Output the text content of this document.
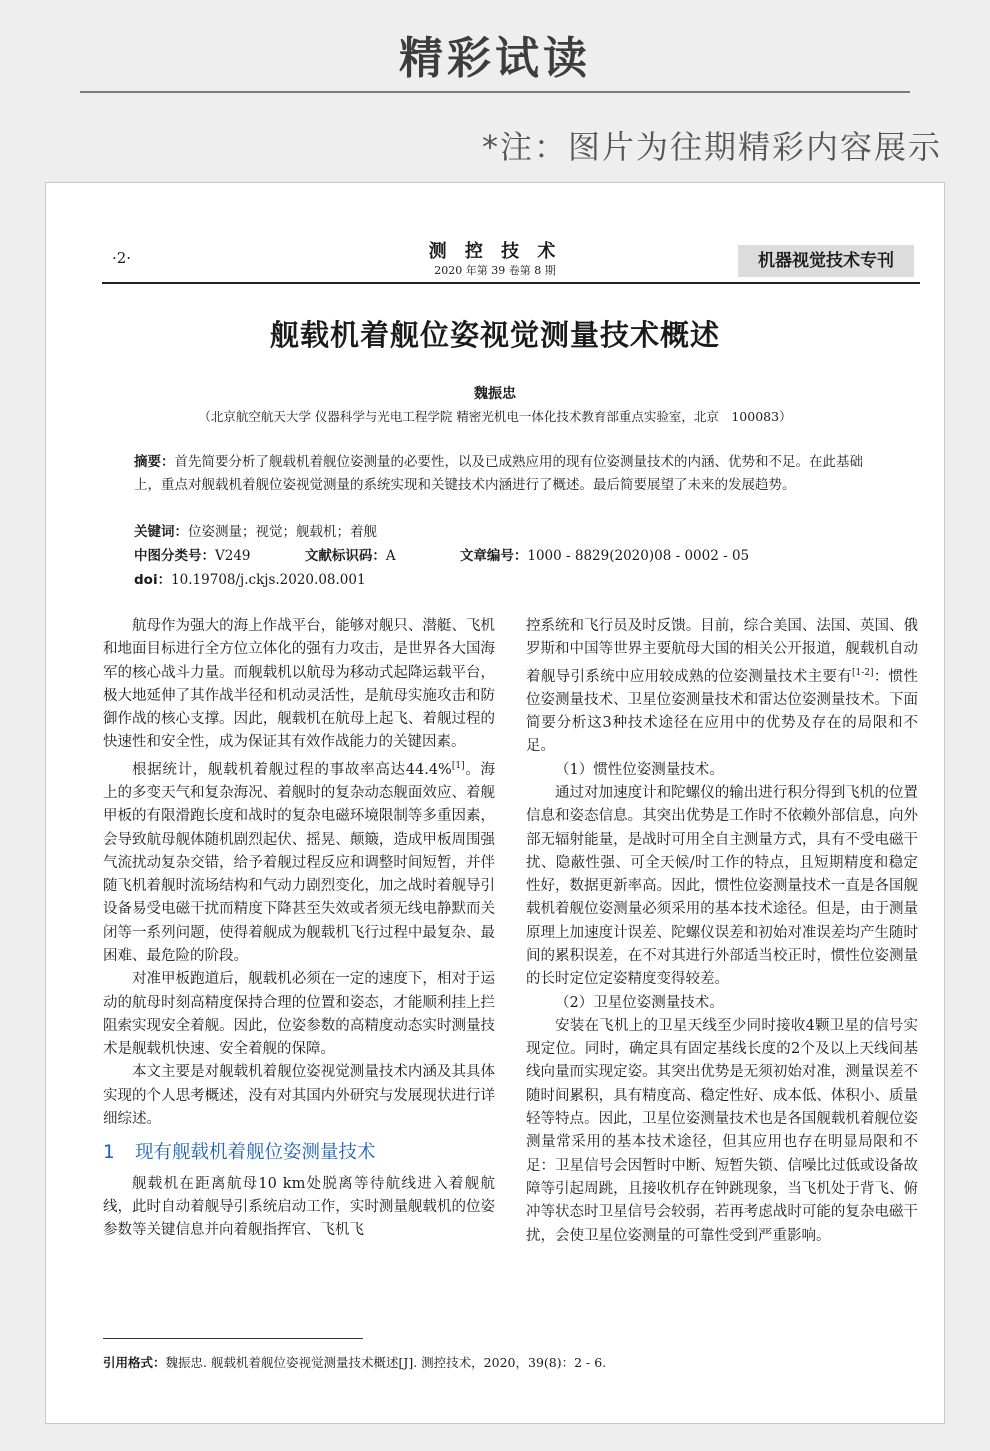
精彩试读
*注：图片为往期精彩内容展示
·2·	测 控 技 术
2020 年第 39 卷第 8 期	机器视觉技术专刊
舰载机着舰位姿视觉测量技术概述
魏振忠
（北京航空航天大学 仪器科学与光电工程学院 精密光机电一体化技术教育部重点实验室，北京　100083）
摘要：首先简要分析了舰载机着舰位姿测量的必要性，以及已成熟应用的现有位姿测量技术的内涵、优势和不足。在此基础上，重点对舰载机着舰位姿视觉测量的系统实现和关键技术内涵进行了概述。最后简要展望了未来的发展趋势。
关键词：位姿测量；视觉；舰载机；着舰
中图分类号：V249	文献标识码：A	文章编号：1000 - 8829(2020)08 - 0002 - 05
doi：10.19708/j.ckjs.2020.08.001

航母作为强大的海上作战平台，能够对舰只、潜艇、飞机和地面目标进行全方位立体化的强有力攻击，是世界各大国海军的核心战斗力量。而舰载机以航母为移动式起降运载平台，极大地延伸了其作战半径和机动灵活性，是航母实施攻击和防御作战的核心支撑。因此，舰载机在航母上起飞、着舰过程的快速性和安全性，成为保证其有效作战能力的关键因素。

根据统计，舰载机着舰过程的事故率高达44.4%[1]。海上的多变天气和复杂海况、着舰时的复杂动态舰面效应、着舰甲板的有限滑跑长度和战时的复杂电磁环境限制等多重因素，会导致航母舰体随机剧烈起伏、摇晃、颠簸，造成甲板周围强气流扰动复杂交错，给予着舰过程反应和调整时间短暂，并伴随飞机着舰时流场结构和气动力剧烈变化，加之战时着舰导引设备易受电磁干扰而精度下降甚至失效或者须无线电静默而关闭等一系列问题，使得着舰成为舰载机飞行过程中最复杂、最困难、最危险的阶段。

对准甲板跑道后，舰载机必须在一定的速度下，相对于运动的航母时刻高精度保持合理的位置和姿态，才能顺利挂上拦阻索实现安全着舰。因此，位姿参数的高精度动态实时测量技术是舰载机快速、安全着舰的保障。

本文主要是对舰载机着舰位姿视觉测量技术内涵及其具体实现的个人思考概述，没有对其国内外研究与发展现状进行详细综述。

1 现有舰载机着舰位姿测量技术

舰载机在距离航母10 km处脱离等待航线进入着舰航线，此时自动着舰导引系统启动工作，实时测量舰载机的位姿参数等关键信息并向着舰指挥官、飞机飞

控系统和飞行员及时反馈。目前，综合美国、法国、英国、俄罗斯和中国等世界主要航母大国的相关公开报道，舰载机自动着舰导引系统中应用较成熟的位姿测量技术主要有[1-2]：惯性位姿测量技术、卫星位姿测量技术和雷达位姿测量技术。下面简要分析这3种技术途径在应用中的优势及存在的局限和不足。

（1）惯性位姿测量技术。

通过对加速度计和陀螺仪的输出进行积分得到飞机的位置信息和姿态信息。其突出优势是工作时不依赖外部信息，向外部无辐射能量，是战时可用全自主测量方式，具有不受电磁干扰、隐蔽性强、可全天候/时工作的特点，且短期精度和稳定性好，数据更新率高。因此，惯性位姿测量技术一直是各国舰载机着舰位姿测量必须采用的基本技术途径。但是，由于测量原理上加速度计误差、陀螺仪误差和初始对准误差均产生随时间的累积误差，在不对其进行外部适当校正时，惯性位姿测量的长时定位定姿精度变得较差。

（2）卫星位姿测量技术。

安装在飞机上的卫星天线至少同时接收4颗卫星的信号实现定位。同时，确定具有固定基线长度的2个及以上天线间基线向量而实现定姿。其突出优势是无须初始对准，测量误差不随时间累积，具有精度高、稳定性好、成本低、体积小、质量轻等特点。因此，卫星位姿测量技术也是各国舰载机着舰位姿测量常采用的基本技术途径，但其应用也存在明显局限和不足：卫星信号会因暂时中断、短暂失锁、信噪比过低或设备故障等引起周跳，且接收机存在钟跳现象，当飞机处于背飞、俯冲等状态时卫星信号会较弱，若再考虑战时可能的复杂电磁干扰，会使卫星位姿测量的可靠性受到严重影响。

引用格式：魏振忠. 舰载机着舰位姿视觉测量技术概述[J]. 测控技术，2020，39(8)：2 - 6.
